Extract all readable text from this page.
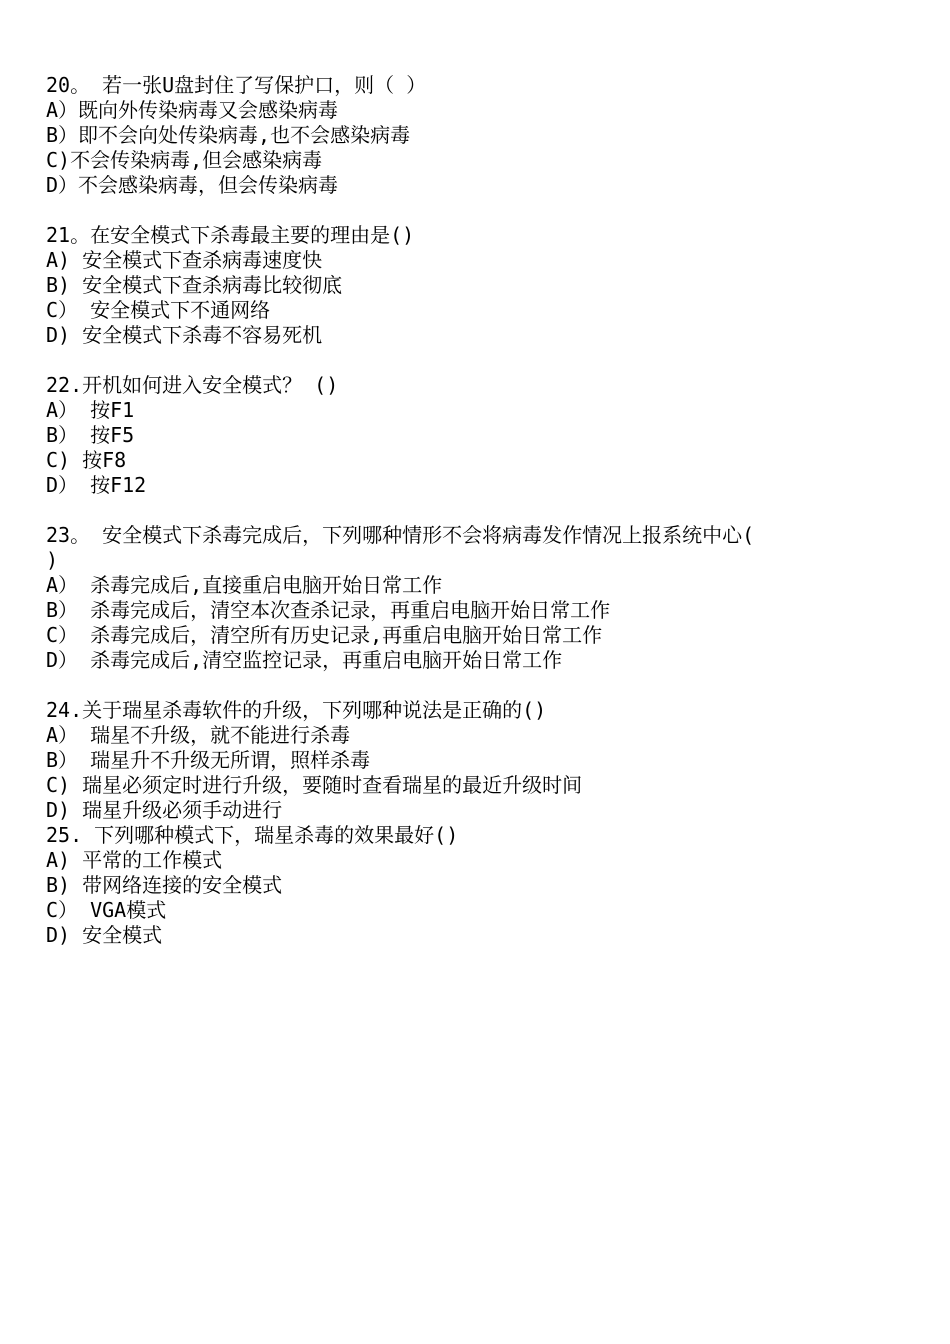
20。 若一张U盘封住了写保护口，则（ ）
A）既向外传染病毒又会感染病毒
B）即不会向处传染病毒,也不会感染病毒
C)不会传染病毒,但会感染病毒
D）不会感染病毒，但会传染病毒
21。在安全模式下杀毒最主要的理由是()
A) 安全模式下查杀病毒速度快
B) 安全模式下查杀病毒比较彻底
C） 安全模式下不通网络
D) 安全模式下杀毒不容易死机
22.开机如何进入安全模式？ ()
A） 按F1
B） 按F5
C) 按F8
D） 按F12
23。 安全模式下杀毒完成后，下列哪种情形不会将病毒发作情况上报系统中心(
)
A） 杀毒完成后,直接重启电脑开始日常工作
B） 杀毒完成后，清空本次查杀记录，再重启电脑开始日常工作
C） 杀毒完成后，清空所有历史记录,再重启电脑开始日常工作
D） 杀毒完成后,清空监控记录，再重启电脑开始日常工作
24.关于瑞星杀毒软件的升级，下列哪种说法是正确的()
A） 瑞星不升级，就不能进行杀毒
B） 瑞星升不升级无所谓，照样杀毒
C) 瑞星必须定时进行升级，要随时查看瑞星的最近升级时间
D) 瑞星升级必须手动进行
25. 下列哪种模式下，瑞星杀毒的效果最好()
A) 平常的工作模式
B) 带网络连接的安全模式
C） VGA模式
D) 安全模式
